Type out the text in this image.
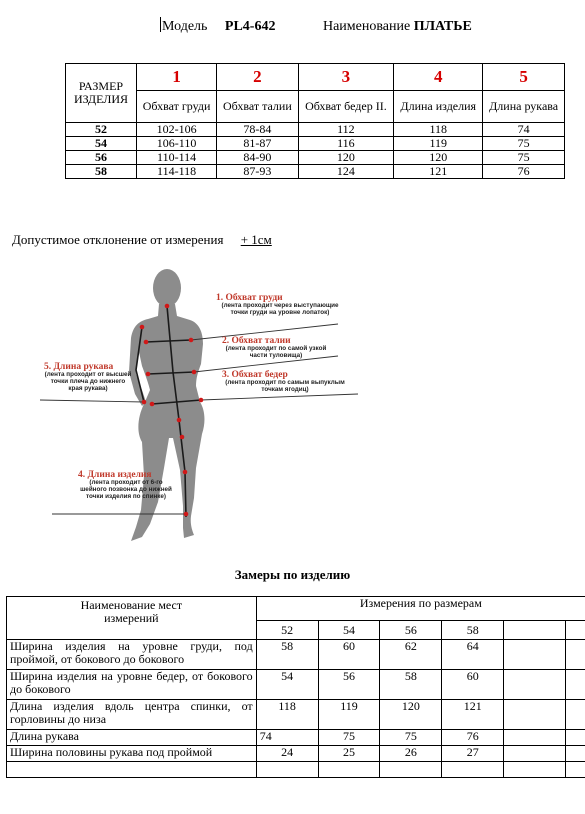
Модель PL4-642	Наименование ПЛАТЬЕ
РАЗМЕР ИЗДЕЛИЯ	1	2	3	4	5
	Обхват груди	Обхват талии	Обхват бедер II.	Длина изделия	Длина рукава
52	102-106	78-84	112	118	74
54	106-110	81-87	116	119	75
56	110-114	84-90	120	120	75
58	114-118	87-93	124	121	76
Допустимое отклонение от измерения + 1см
1. Обхват груди
(лента проходит через выступающие точки груди на уровне лопаток)
2. Обхват талии
(лента проходит по самой узкой части туловища)
3. Обхват бедер
(лента проходит по самым выпуклым точкам ягодиц)
5. Длина рукава
(лента проходит от высшей точки плеча до нижнего края рукава)
4. Длина изделия
(лента проходит от 6-го шейного позвонка до нижней точки изделия по спинке)
Замеры по изделию
Наименование мест измерений	Измерения по размерам					
	52	54	56	58		
Ширина изделия на уровне груди, под проймой, от бокового до бокового	58	60	62	64		
Ширина изделия на уровне бедер, от бокового до бокового	54	56	58	60		
Длина изделия вдоль центра спинки, от горловины до низа	118	119	120	121		
Длина рукава	74	75	75	76		
Ширина половины рукава под проймой	24	25	26	27		
